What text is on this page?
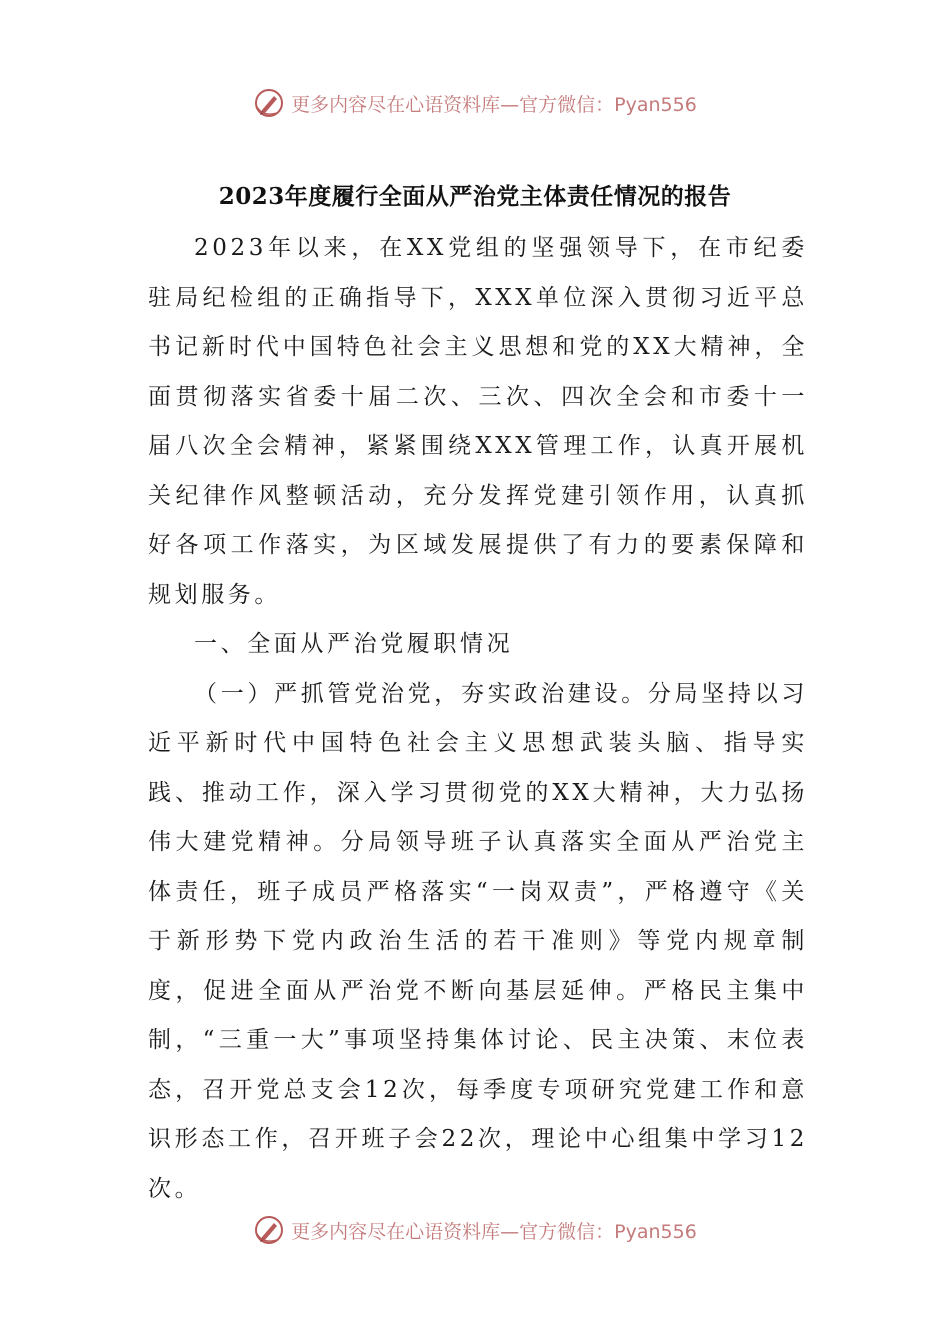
更多内容尽在心语资料库—官方微信：Pyan556
2023年度履行全面从严治党主体责任情况的报告

2023年以来，在XX党组的坚强领导下，在市纪委驻局纪检组的正确指导下，XXX单位深入贯彻习近平总书记新时代中国特色社会主义思想和党的XX大精神，全面贯彻落实省委十届二次、三次、四次全会和市委十一届八次全会精神，紧紧围绕XXX管理工作，认真开展机关纪律作风整顿活动，充分发挥党建引领作用，认真抓好各项工作落实，为区域发展提供了有力的要素保障和规划服务。

一、全面从严治党履职情况

（一）严抓管党治党，夯实政治建设。分局坚持以习近平新时代中国特色社会主义思想武装头脑、指导实践、推动工作，深入学习贯彻党的XX大精神，大力弘扬伟大建党精神。分局领导班子认真落实全面从严治党主体责任，班子成员严格落实“一岗双责”，严格遵守《关于新形势下党内政治生活的若干准则》等党内规章制度，促进全面从严治党不断向基层延伸。严格民主集中制，“三重一大”事项坚持集体讨论、民主决策、末位表态，召开党总支会12次，每季度专项研究党建工作和意识形态工作，召开班子会22次，理论中心组集中学习12次。

更多内容尽在心语资料库—官方微信：Pyan556
